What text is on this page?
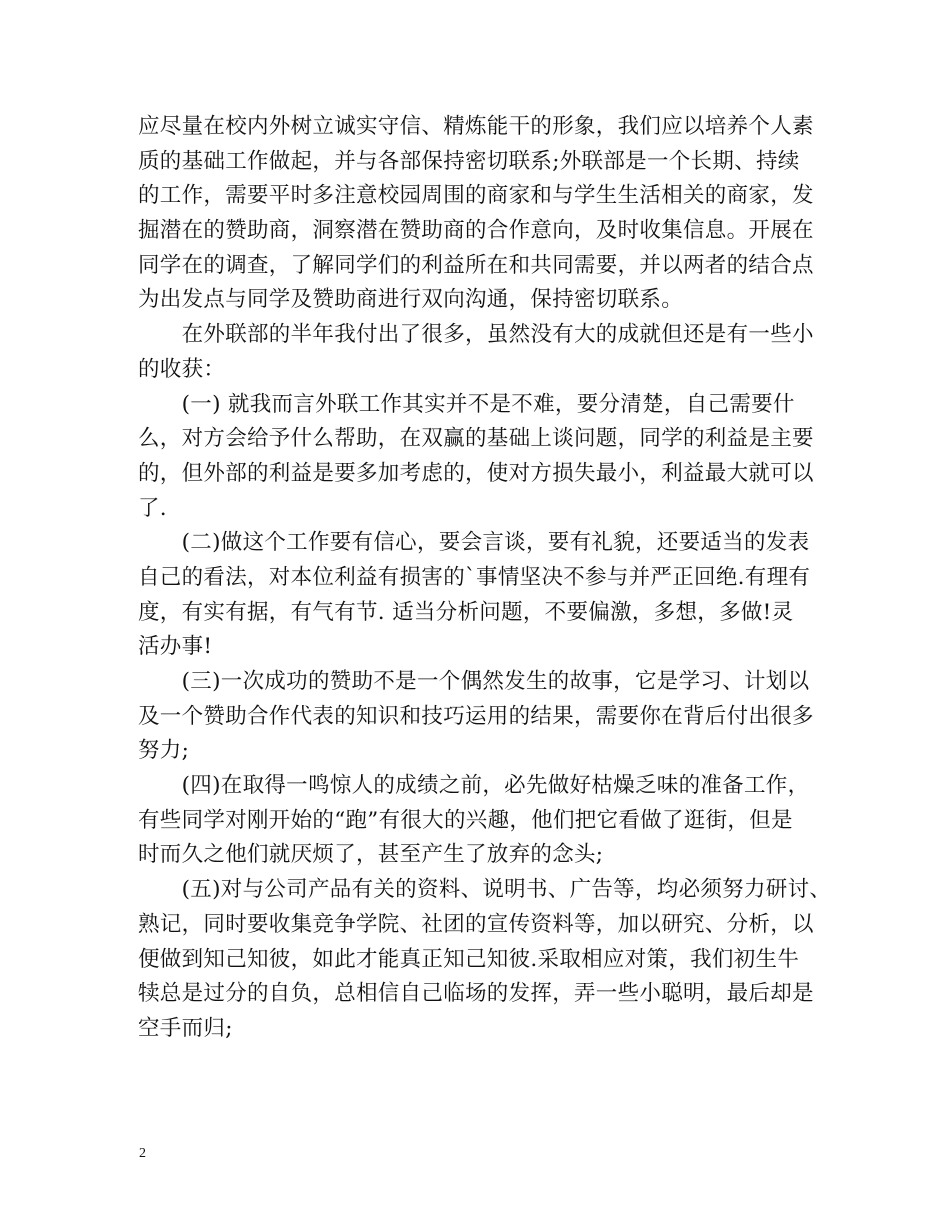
应尽量在校内外树立诚实守信、精炼能干的形象，我们应以培养个人素
质的基础工作做起，并与各部保持密切联系;外联部是一个长期、持续
的工作，需要平时多注意校园周围的商家和与学生生活相关的商家，发
掘潜在的赞助商，洞察潜在赞助商的合作意向，及时收集信息。开展在
同学在的调查，了解同学们的利益所在和共同需要，并以两者的结合点
为出发点与同学及赞助商进行双向沟通，保持密切联系。
　　在外联部的半年我付出了很多，虽然没有大的成就但还是有一些小
的收获：
　　(一) 就我而言外联工作其实并不是不难，要分清楚，自己需要什
么，对方会给予什么帮助，在双赢的基础上谈问题，同学的利益是主要
的，但外部的利益是要多加考虑的，使对方损失最小，利益最大就可以
了.
　　(二)做这个工作要有信心，要会言谈，要有礼貌，还要适当的发表
自己的看法，对本位利益有损害的`事情坚决不参与并严正回绝.有理有
度，有实有据，有气有节. 适当分析问题，不要偏激，多想，多做!灵
活办事!
　　(三)一次成功的赞助不是一个偶然发生的故事，它是学习、计划以
及一个赞助合作代表的知识和技巧运用的结果，需要你在背后付出很多
努力;
　　(四)在取得一鸣惊人的成绩之前，必先做好枯燥乏味的准备工作，
有些同学对刚开始的“跑”有很大的兴趣，他们把它看做了逛街，但是
时而久之他们就厌烦了，甚至产生了放弃的念头;
　　(五)对与公司产品有关的资料、说明书、广告等，均必须努力研讨、
熟记，同时要收集竞争学院、社团的宣传资料等，加以研究、分析，以
便做到知己知彼，如此才能真正知己知彼.采取相应对策，我们初生牛
犊总是过分的自负，总相信自己临场的发挥，弄一些小聪明，最后却是
空手而归;
2
